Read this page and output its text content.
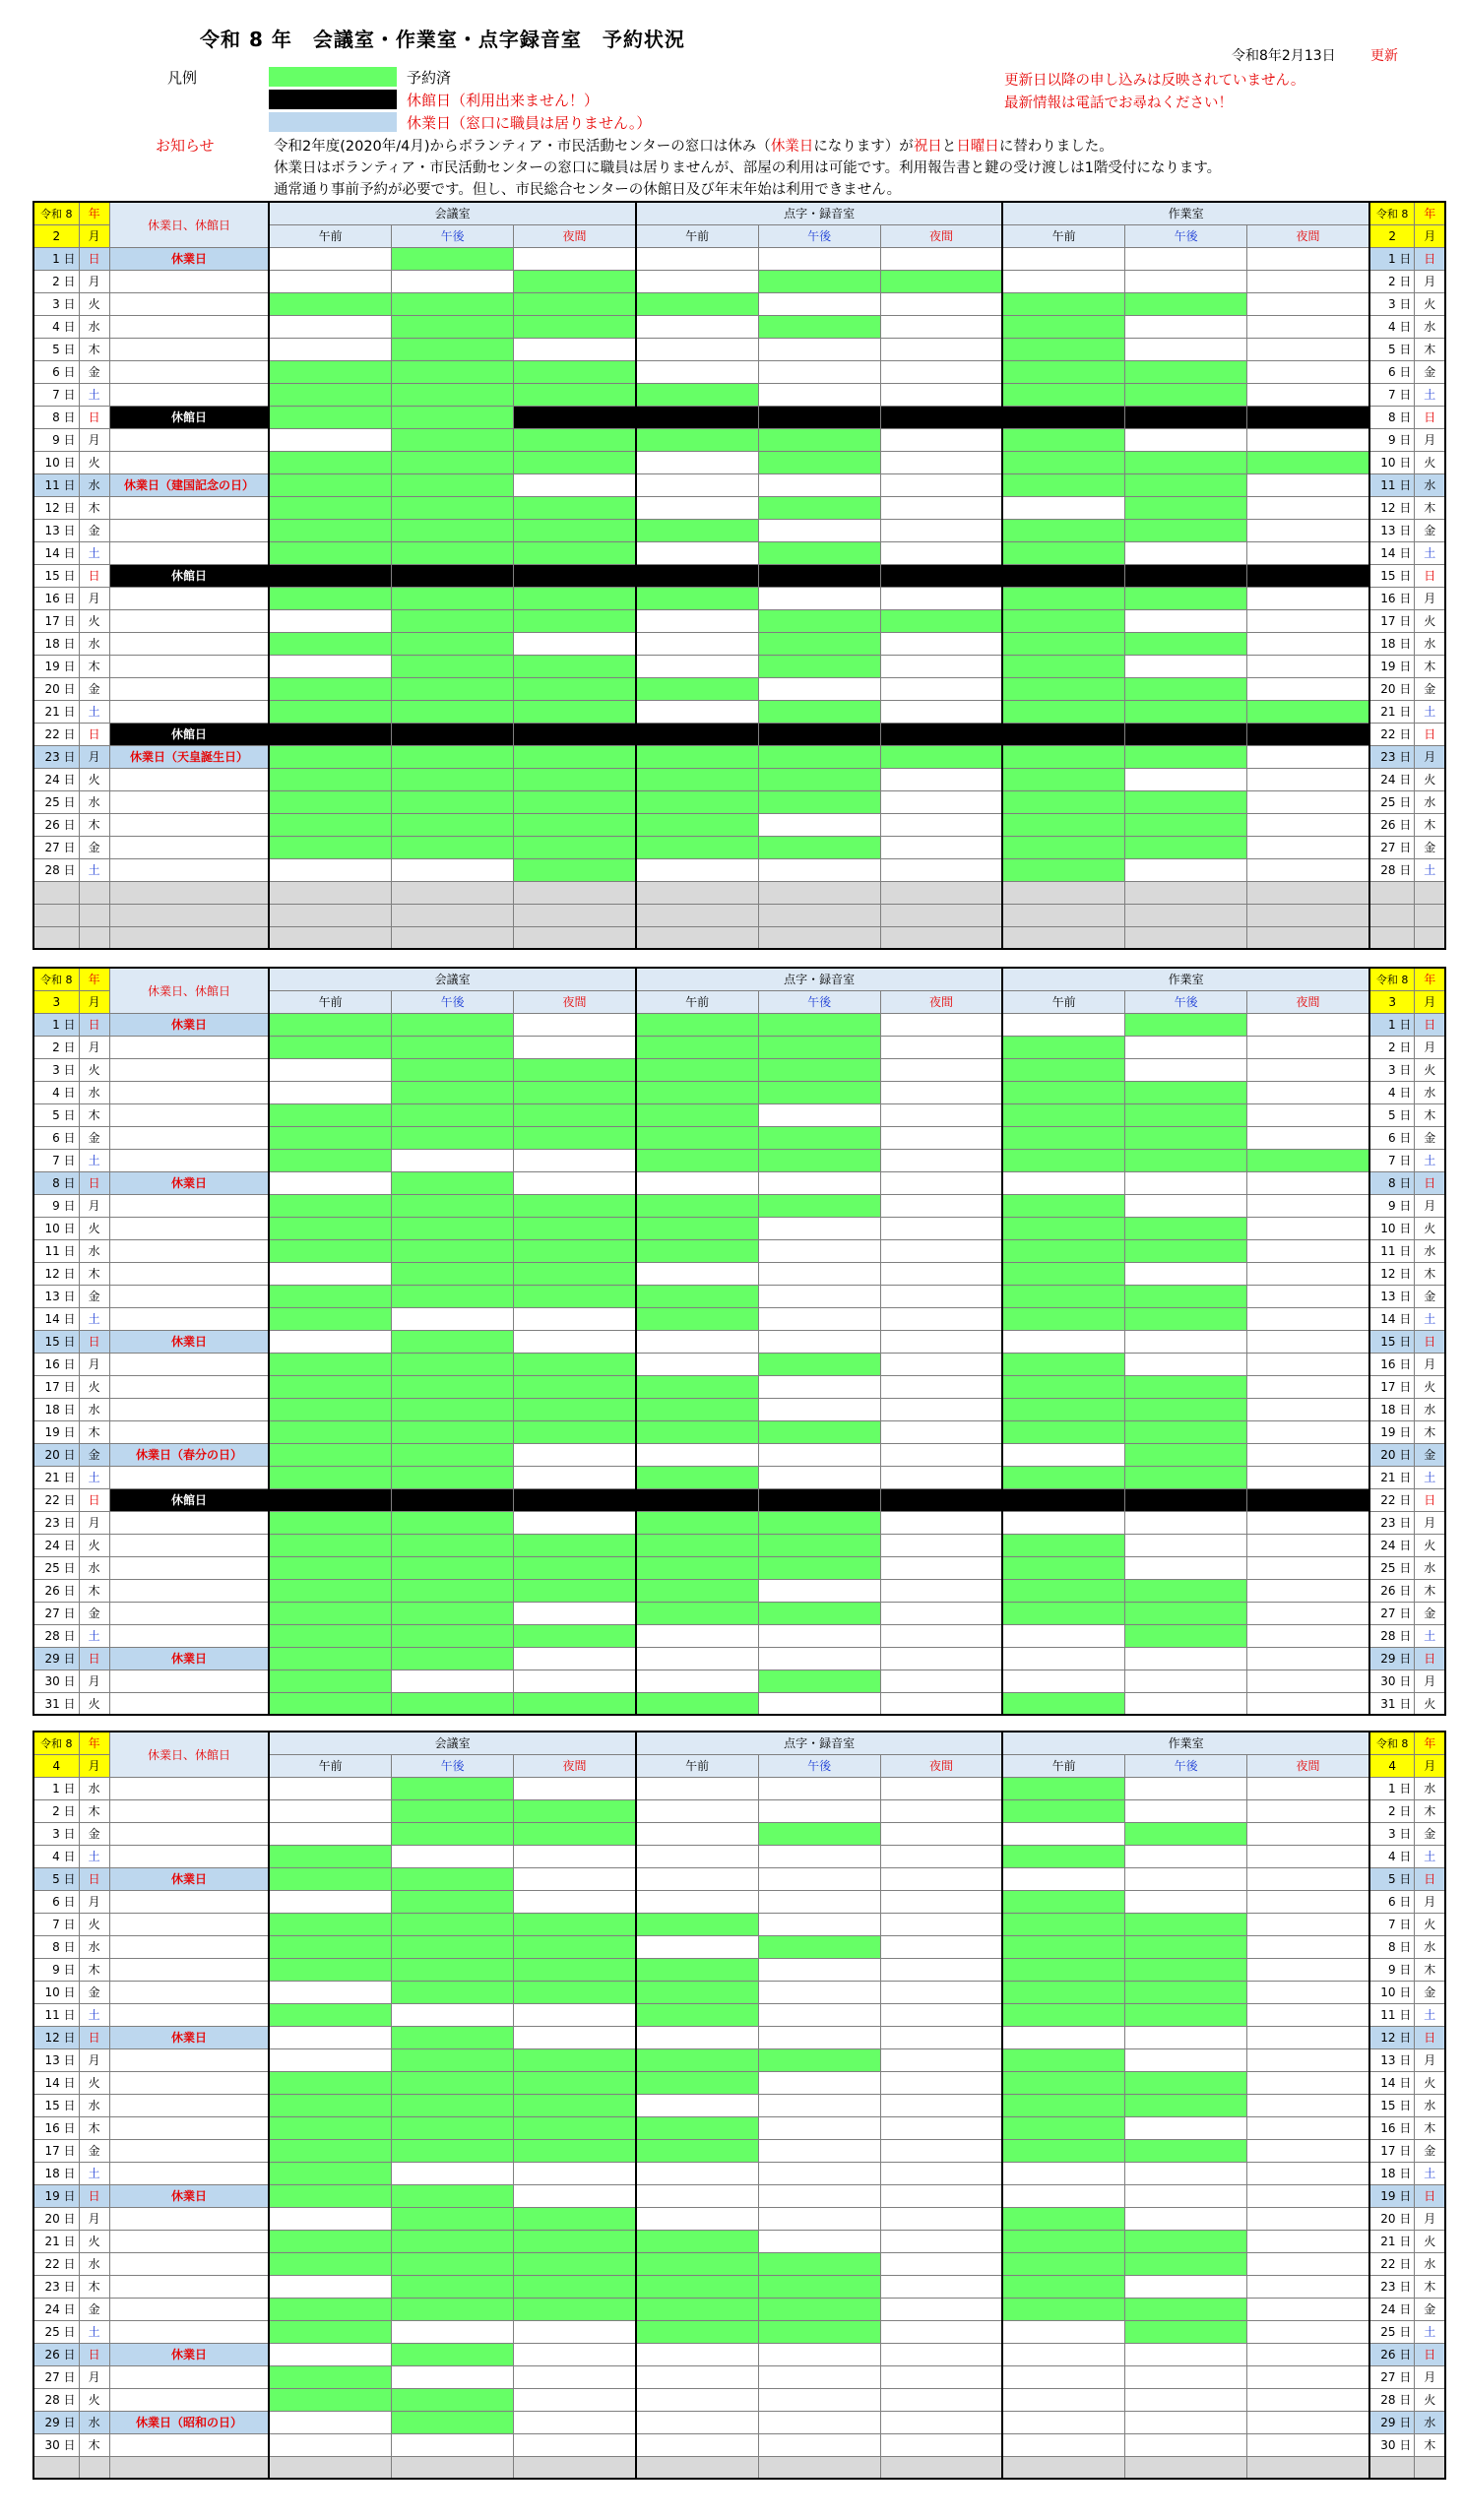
令和 8 年　会議室・作業室・点字録音室　予約状況
令和8年2月13日	更新
凡例	予約済
休館日（利用出来ません！）
休業日（窓口に職員は居りません。）
更新日以降の申し込みは反映されていません。
最新情報は電話でお尋ねください！
お知らせ	令和2年度(2020年/4月)からボランティア・市民活動センターの窓口は休み（休業日になります）が祝日と日曜日に替わりました。
休業日はボランティア・市民活動センターの窓口に職員は居りませんが、部屋の利用は可能です。利用報告書と鍵の受け渡しは1階受付になります。
通常通り事前予約が必要です。但し、市民総合センターの休館日及び年末年始は利用できません。
令和 8	年	休業日、休館日	会議室			点字・録音室			作業室			令和 8	年
2	月		午前	午後	夜間	午前	午後	夜間	午前	午後	夜間	2	月
1 日	日	休業日										1 日	日
2 日	月											2 日	月
3 日	火											3 日	火
4 日	水											4 日	水
5 日	木											5 日	木
6 日	金											6 日	金
7 日	土											7 日	土
8 日	日	休館日										8 日	日
9 日	月											9 日	月
10 日	火											10 日	火
11 日	水	休業日（建国記念の日）										11 日	水
12 日	木											12 日	木
13 日	金											13 日	金
14 日	土											14 日	土
15 日	日	休館日										15 日	日
16 日	月											16 日	月
17 日	火											17 日	火
18 日	水											18 日	水
19 日	木											19 日	木
20 日	金											20 日	金
21 日	土											21 日	土
22 日	日	休館日										22 日	日
23 日	月	休業日（天皇誕生日）										23 日	月
24 日	火											24 日	火
25 日	水											25 日	水
26 日	木											26 日	木
27 日	金											27 日	金
28 日	土											28 日	土

令和 8	年	休業日、休館日	会議室			点字・録音室			作業室			令和 8	年
3	月		午前	午後	夜間	午前	午後	夜間	午前	午後	夜間	3	月
1 日	日	休業日										1 日	日
2 日	月											2 日	月
3 日	火											3 日	火
4 日	水											4 日	水
5 日	木											5 日	木
6 日	金											6 日	金
7 日	土											7 日	土
8 日	日	休業日										8 日	日
9 日	月											9 日	月
10 日	火											10 日	火
11 日	水											11 日	水
12 日	木											12 日	木
13 日	金											13 日	金
14 日	土											14 日	土
15 日	日	休業日										15 日	日
16 日	月											16 日	月
17 日	火											17 日	火
18 日	水											18 日	水
19 日	木											19 日	木
20 日	金	休業日（春分の日）										20 日	金
21 日	土											21 日	土
22 日	日	休館日										22 日	日
23 日	月											23 日	月
24 日	火											24 日	火
25 日	水											25 日	水
26 日	木											26 日	木
27 日	金											27 日	金
28 日	土											28 日	土
29 日	日	休業日										29 日	日
30 日	月											30 日	月
31 日	火											31 日	火
令和 8	年	休業日、休館日	会議室			点字・録音室			作業室			令和 8	年
4	月		午前	午後	夜間	午前	午後	夜間	午前	午後	夜間	4	月
1 日	水											1 日	水
2 日	木											2 日	木
3 日	金											3 日	金
4 日	土											4 日	土
5 日	日	休業日										5 日	日
6 日	月											6 日	月
7 日	火											7 日	火
8 日	水											8 日	水
9 日	木											9 日	木
10 日	金											10 日	金
11 日	土											11 日	土
12 日	日	休業日										12 日	日
13 日	月											13 日	月
14 日	火											14 日	火
15 日	水											15 日	水
16 日	木											16 日	木
17 日	金											17 日	金
18 日	土											18 日	土
19 日	日	休業日										19 日	日
20 日	月											20 日	月
21 日	火											21 日	火
22 日	水											22 日	水
23 日	木											23 日	木
24 日	金											24 日	金
25 日	土											25 日	土
26 日	日	休業日										26 日	日
27 日	月											27 日	月
28 日	火											28 日	火
29 日	水	休業日（昭和の日）										29 日	水
30 日	木											30 日	木
